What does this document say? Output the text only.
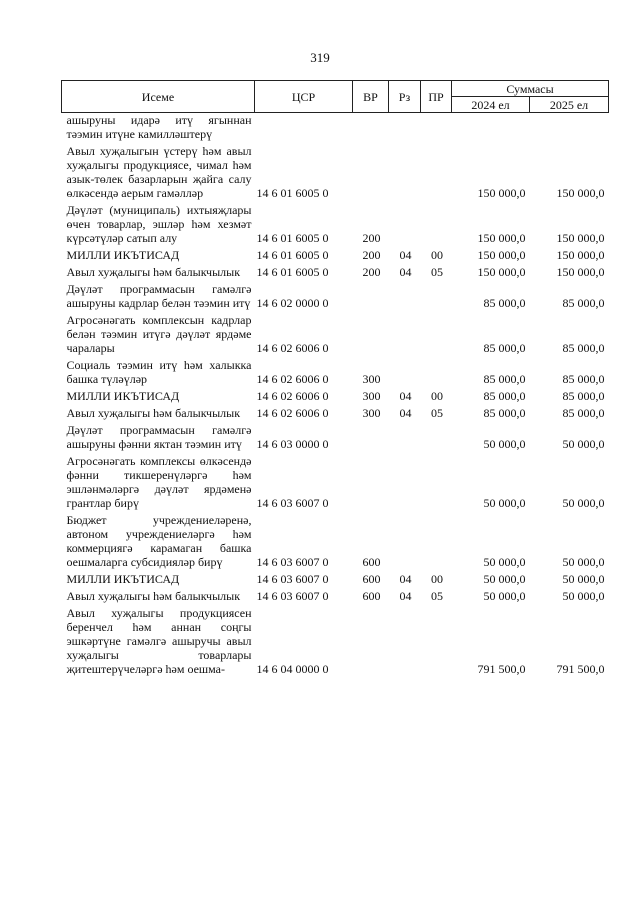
319
Исеме	ЦСР	ВР	Рз	ПР	Суммасы	
					2024 ел	2025 ел
ашыруны идарә итү ягыннан тәэмин итүне камилләштерү						
Авыл хуҗалыгын үстерү һәм авыл хуҗалыгы продукциясе, чимал һәм азык-төлек базарларын җайга салу өлкәсендә аерым гамәлләр	14 6 01 6005 0				150 000,0	150 000,0
Дәүләт (муниципаль) ихтыяҗлары өчен товарлар, эшләр һәм хезмәт күрсәтүләр сатып алу	14 6 01 6005 0	200			150 000,0	150 000,0
МИЛЛИ ИКЪТИСАД	14 6 01 6005 0	200	04	00	150 000,0	150 000,0
Авыл хуҗалыгы һәм балыкчылык	14 6 01 6005 0	200	04	05	150 000,0	150 000,0
Дәүләт программасын гамәлгә ашыруны кадрлар белән тәэмин итү	14 6 02 0000 0				85 000,0	85 000,0
Агросәнәгать комплексын кадрлар белән тәэмин итүгә дәүләт ярдәме чаралары	14 6 02 6006 0				85 000,0	85 000,0
Социаль тәэмин итү һәм халыкка башка түләүләр	14 6 02 6006 0	300			85 000,0	85 000,0
МИЛЛИ ИКЪТИСАД	14 6 02 6006 0	300	04	00	85 000,0	85 000,0
Авыл хуҗалыгы һәм балыкчылык	14 6 02 6006 0	300	04	05	85 000,0	85 000,0
Дәүләт программасын гамәлгә ашыруны фәнни яктан тәэмин итү	14 6 03 0000 0				50 000,0	50 000,0
Агросәнәгать комплексы өлкәсендә фәнни тикшеренүләргә һәм эшләнмәләргә дәүләт ярдәменә грантлар бирү	14 6 03 6007 0				50 000,0	50 000,0
Бюджет учреждениеләренә, автоном учреждениеләргә һәм коммерциягә карамаган башка оешмаларга субсидияләр бирү	14 6 03 6007 0	600			50 000,0	50 000,0
МИЛЛИ ИКЪТИСАД	14 6 03 6007 0	600	04	00	50 000,0	50 000,0
Авыл хуҗалыгы һәм балыкчылык	14 6 03 6007 0	600	04	05	50 000,0	50 000,0
Авыл хуҗалыгы продукциясен беренчел һәм аннан соңгы эшкәртүне гамәлгә ашыручы авыл хуҗалыгы товарлары җитештерүчеләргә һәм оешма-	14 6 04 0000 0				791 500,0	791 500,0
